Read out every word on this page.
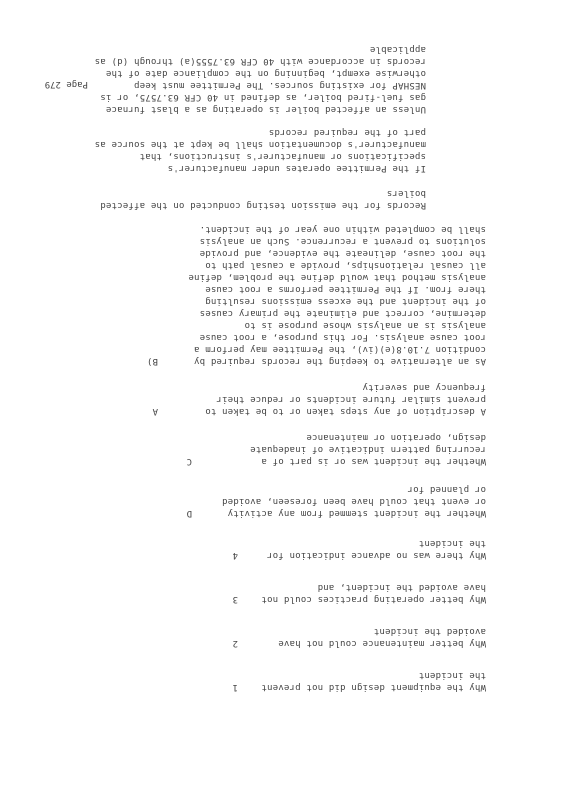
Page 279
1	Why the equipment design did not prevent
the incident
2	Why better maintenance could not have
avoided the incident
3	Why better operating practices could not
have avoided the incident, and
4	Why there was no advance indication for
the incident
D	Whether the incident stemmed from any activity
or event that could have been foreseen, avoided
or planned for
C	Whether the incident was or is part of a
recurring pattern indicative of inadequate
design, operation or maintenance
A	A description of any steps taken or to be taken to
prevent similar future incidents or reduce their
frequency and severity
B)	As an alternative to keeping the records required by
condition 7.10.8(e)(iv), the Permittee may perform a
root cause analysis. For this purpose, a root cause
analysis is an analysis whose purpose is to
determine, correct and eliminate the primary causes
of the incident and the excess emissions resulting
there from. If the Permittee performs a root cause
analysis method that would define the problem, define
all causal relationships, provide a causal path to
the root cause, delineate the evidence, and provide
solutions to prevent a recurrence. Such an analysis
shall be completed within one year of the incident.
Records for the emission testing conducted on the affected
boilers
If the Permittee operates under manufacturer's
specifications or manufacturer's instructions, that
manufacturer's documentation shall be kept at the source as
part of the required records
Unless an affected boiler is operating as a blast furnace
gas fuel-fired boiler, as defined in 40 CFR 63.7575, or is
NESHAP for existing sources. The Permittee must keep
otherwise exempt, beginning on the compliance date of the
records in accordance with 40 CFR 63.7555(a) through (d) as
applicable
